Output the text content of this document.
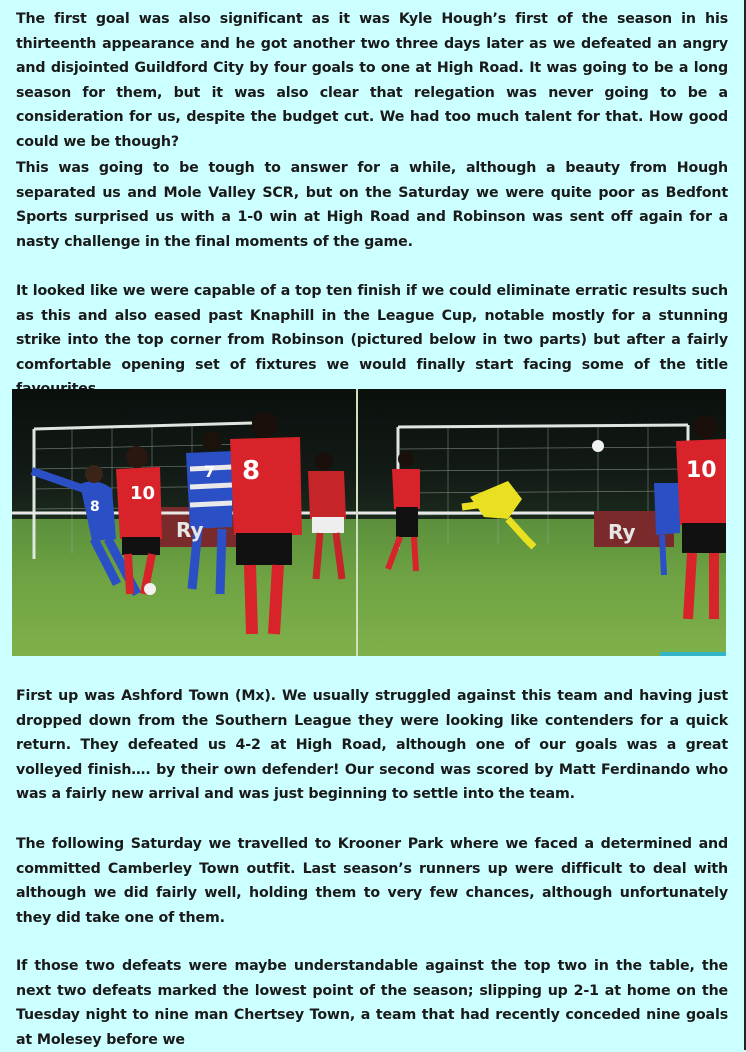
The first goal was also significant as it was Kyle Hough’s first of the season in his thirteenth appearance and he got another two three days later as we defeated an angry and disjointed Guildford City by four goals to one at High Road. It was going to be a long season for them, but it was also clear that relegation was never going to be a consideration for us, despite the budget cut. We had too much talent for that. How good could we be though?

This was going to be tough to answer for a while, although a beauty from Hough separated us and Mole Valley SCR, but on the Saturday we were quite poor as Bedfont Sports surprised us with a 1-0 win at High Road and Robinson was sent off again for a nasty challenge in the final moments of the game.

It looked like we were capable of a top ten finish if we could eliminate erratic results such as this and also eased past Knaphill in the League Cup, notable mostly for a stunning strike into the top corner from Robinson (pictured below in two parts) but after a fairly comfortable opening set of fixtures we would finally start facing some of the title

8
10
7 8
Ry
10
Ry

First up was Ashford Town (Mx). We usually struggled against this team and having just dropped down from the Southern League they were looking like contenders for a quick return. They defeated us 4-2 at High Road, although one of our goals was a great volleyed finish…. by their own defender! Our second was scored by Matt Ferdinando who was a fairly new arrival and was just beginning to settle into the team.

The following Saturday we travelled to Krooner Park where we faced a determined and committed Camberley Town outfit. Last season’s runners up were difficult to deal with although we did fairly well, holding them to very few chances, although unfortunately they did take one of them.

If those two defeats were maybe understandable against the top two in the table, the next two defeats marked the lowest point of the season; slipping up 2-1 at home on the Tuesday night to nine man Chertsey Town, a team that had recently conceded nine goals at Molesey before we
